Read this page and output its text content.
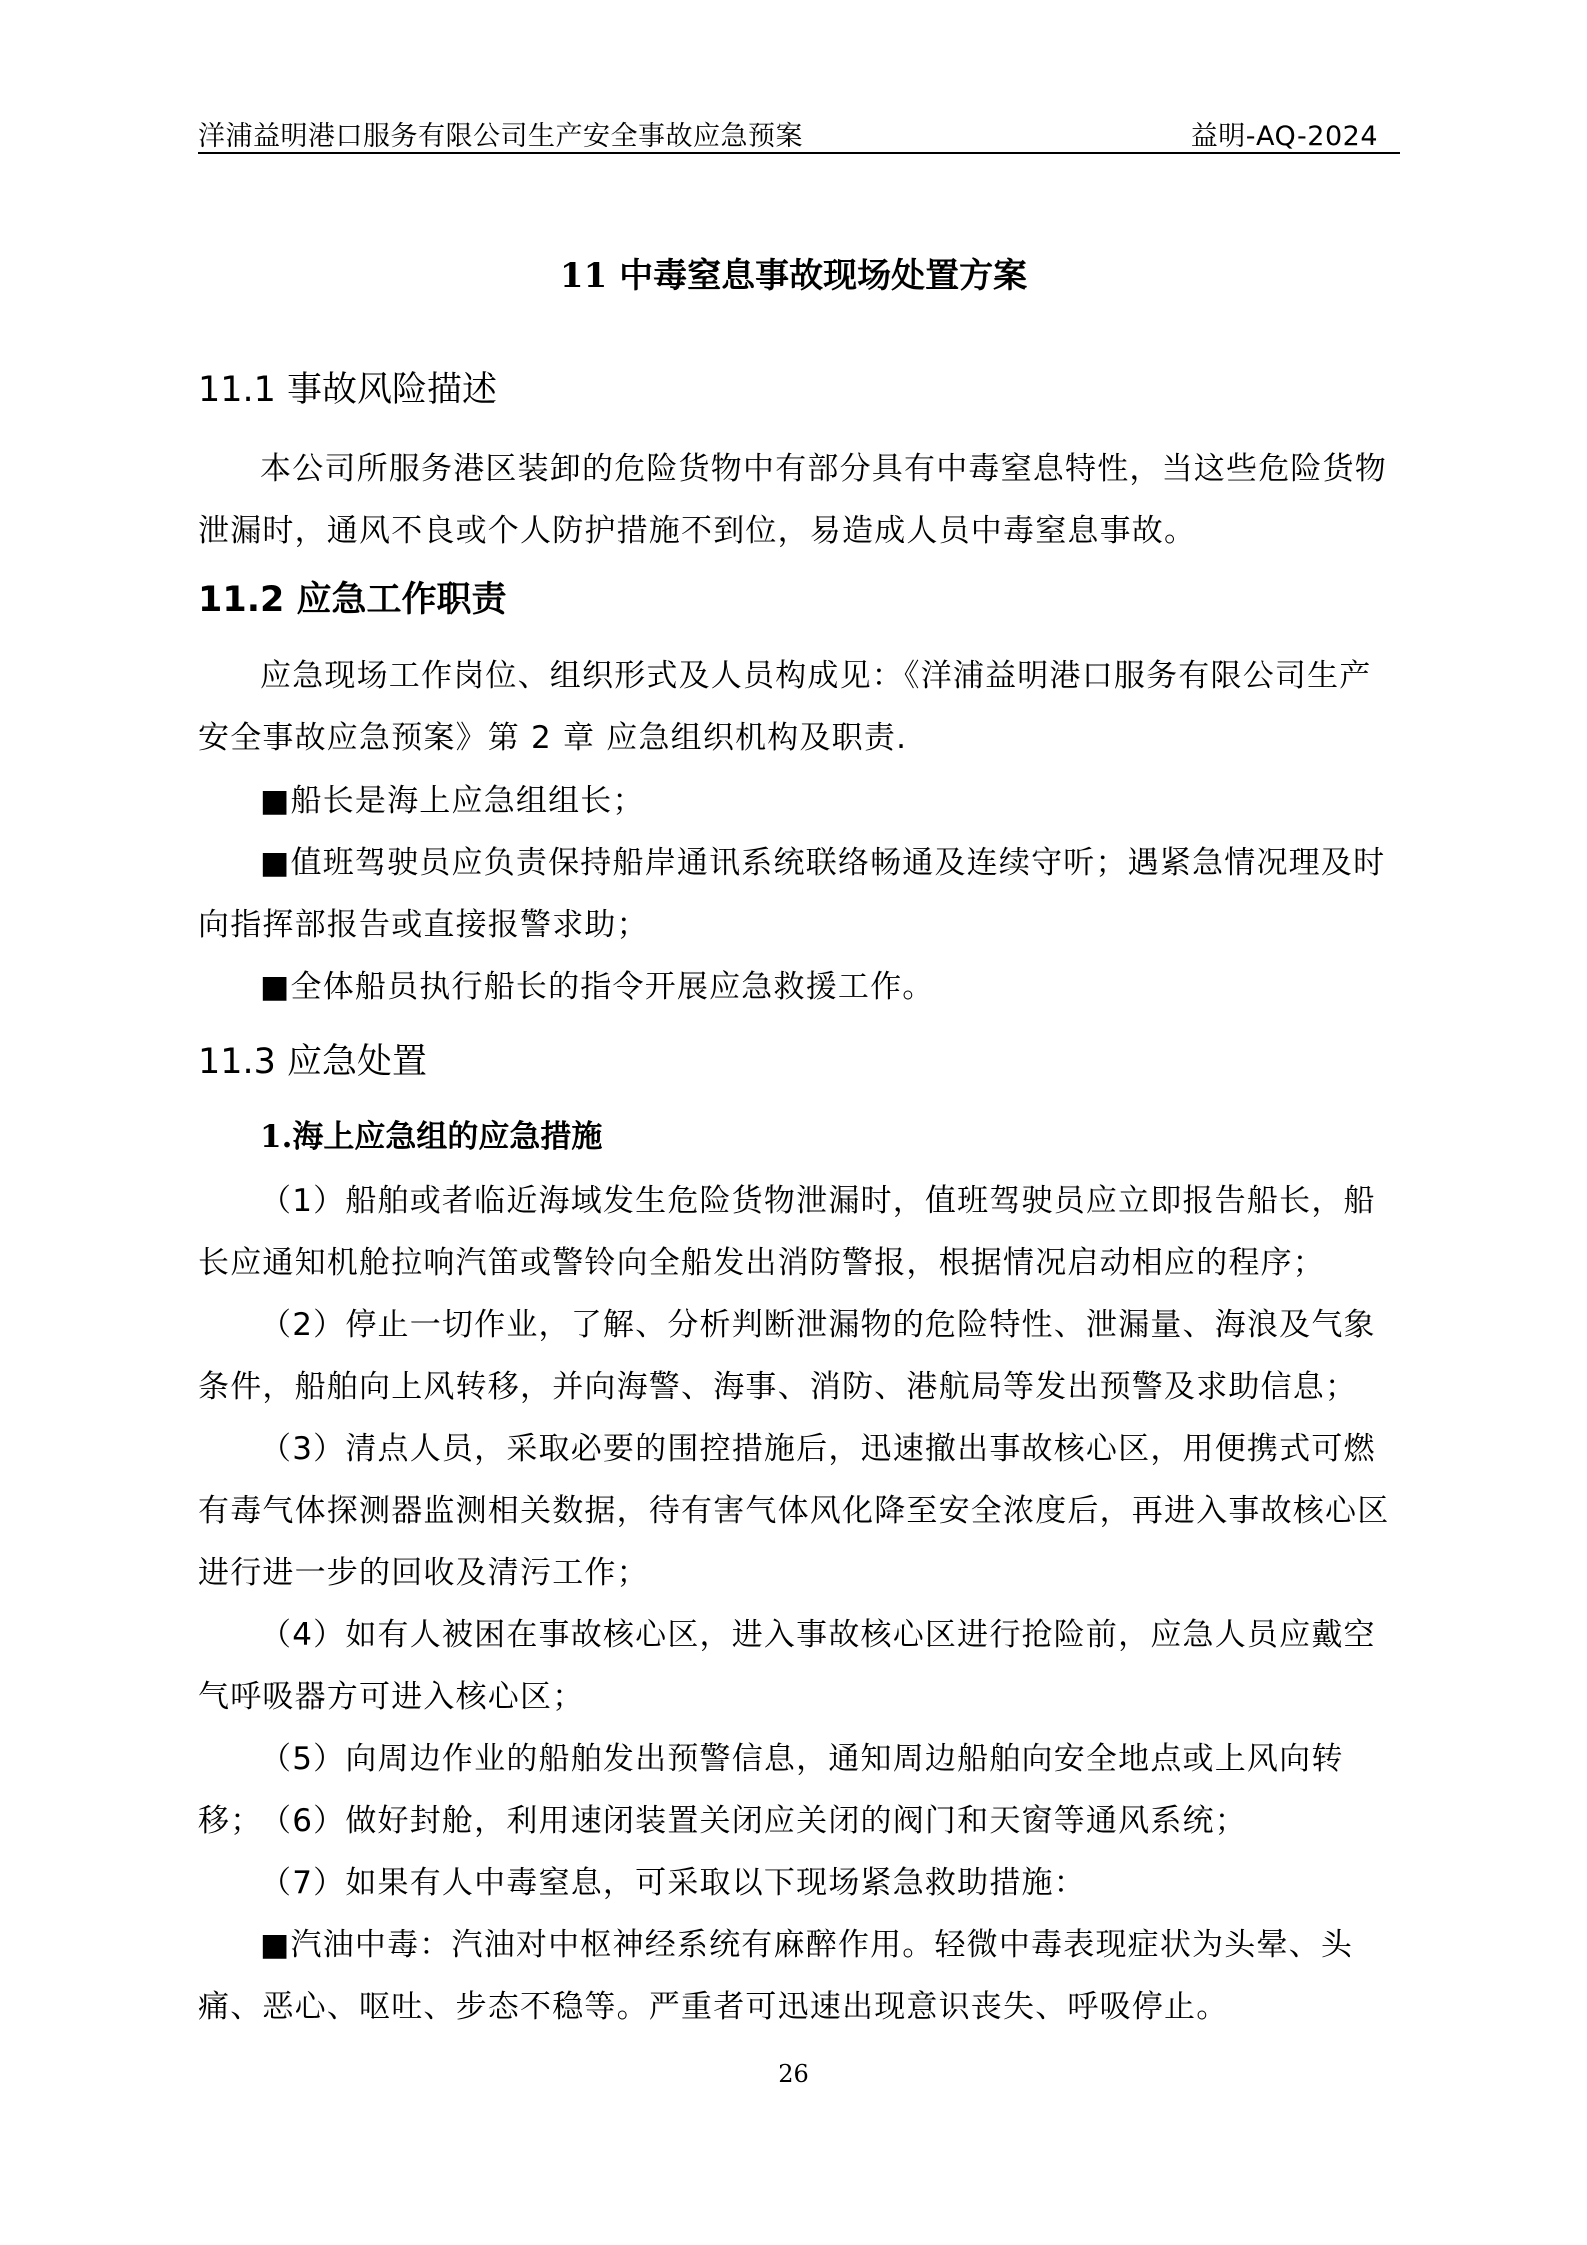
洋浦益明港口服务有限公司生产安全事故应急预案	益明-AQ-2024
11 中毒窒息事故现场处置方案
11.1 事故风险描述
本公司所服务港区装卸的危险货物中有部分具有中毒窒息特性，当这些危险货物泄漏时，通风不良或个人防护措施不到位，易造成人员中毒窒息事故。
11.2 应急工作职责
应急现场工作岗位、组织形式及人员构成见：《洋浦益明港口服务有限公司生产安全事故应急预案》第 2 章 应急组织机构及职责.
■船长是海上应急组组长；
■值班驾驶员应负责保持船岸通讯系统联络畅通及连续守听；遇紧急情况理及时向指挥部报告或直接报警求助；
■全体船员执行船长的指令开展应急救援工作。
11.3 应急处置
1.海上应急组的应急措施
（1）船舶或者临近海域发生危险货物泄漏时，值班驾驶员应立即报告船长，船长应通知机舱拉响汽笛或警铃向全船发出消防警报，根据情况启动相应的程序；
（2）停止一切作业，了解、分析判断泄漏物的危险特性、泄漏量、海浪及气象条件，船舶向上风转移，并向海警、海事、消防、港航局等发出预警及求助信息；
（3）清点人员，采取必要的围控措施后，迅速撤出事故核心区，用便携式可燃有毒气体探测器监测相关数据，待有害气体风化降至安全浓度后，再进入事故核心区进行进一步的回收及清污工作；
（4）如有人被困在事故核心区，进入事故核心区进行抢险前，应急人员应戴空气呼吸器方可进入核心区；
（5）向周边作业的船舶发出预警信息，通知周边船舶向安全地点或上风向转移；
（6）做好封舱，利用速闭装置关闭应关闭的阀门和天窗等通风系统；
（7）如果有人中毒窒息，可采取以下现场紧急救助措施：
■汽油中毒：汽油对中枢神经系统有麻醉作用。轻微中毒表现症状为头晕、头痛、恶心、呕吐、步态不稳等。严重者可迅速出现意识丧失、呼吸停止。
26
